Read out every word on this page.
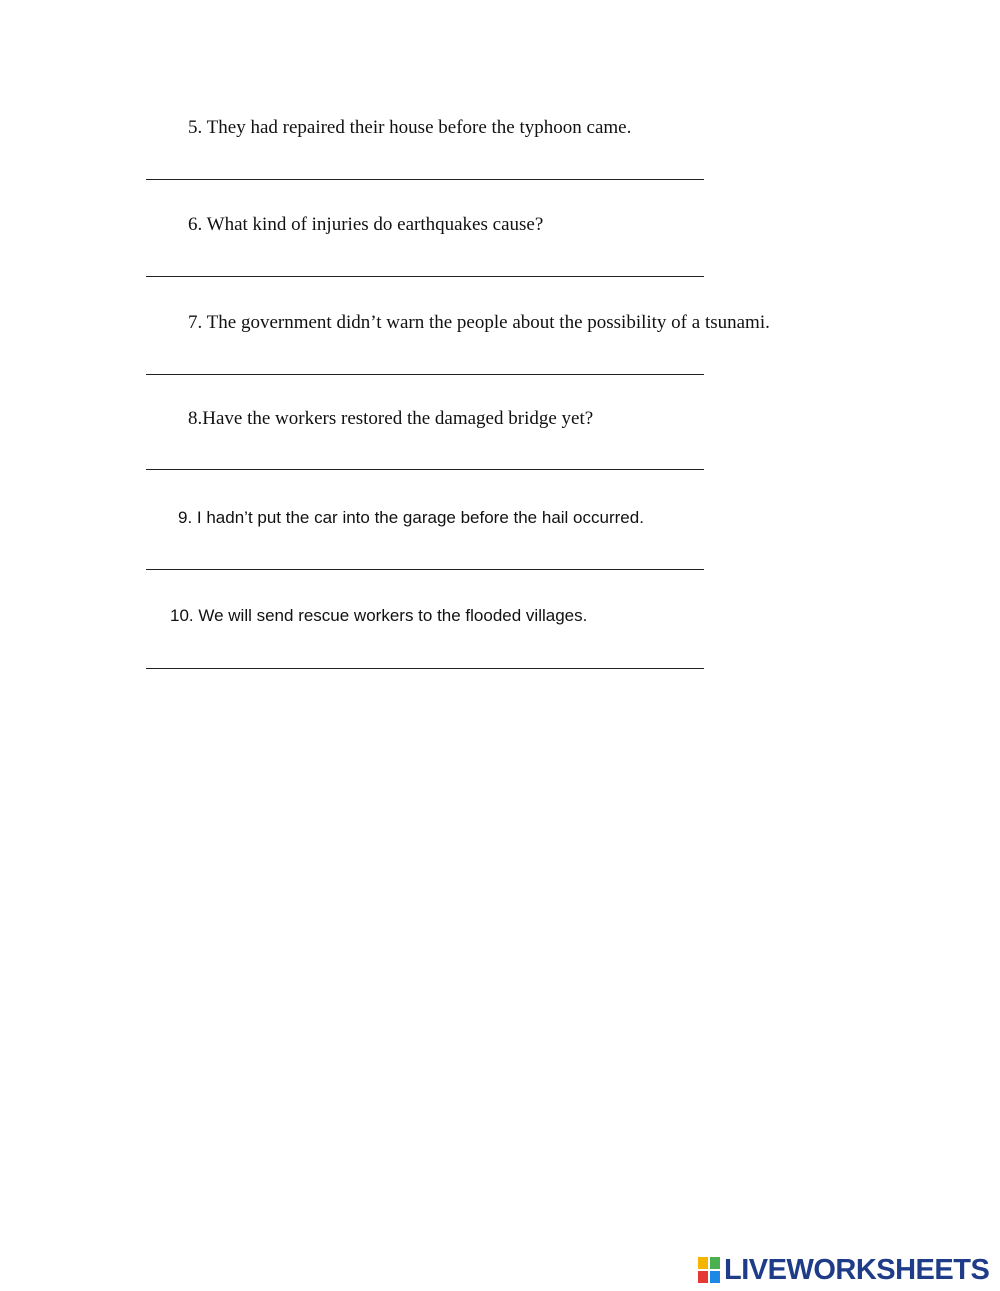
5. They had repaired their house before the typhoon came.
6. What kind of injuries do earthquakes cause?
7. The government didn’t warn the people about the possibility of a tsunami.
8.Have the workers restored the damaged bridge yet?
9. I hadn’t put the car into the garage before the hail occurred.
10. We will send rescue workers to the flooded villages.
LIVEWORKSHEETS
